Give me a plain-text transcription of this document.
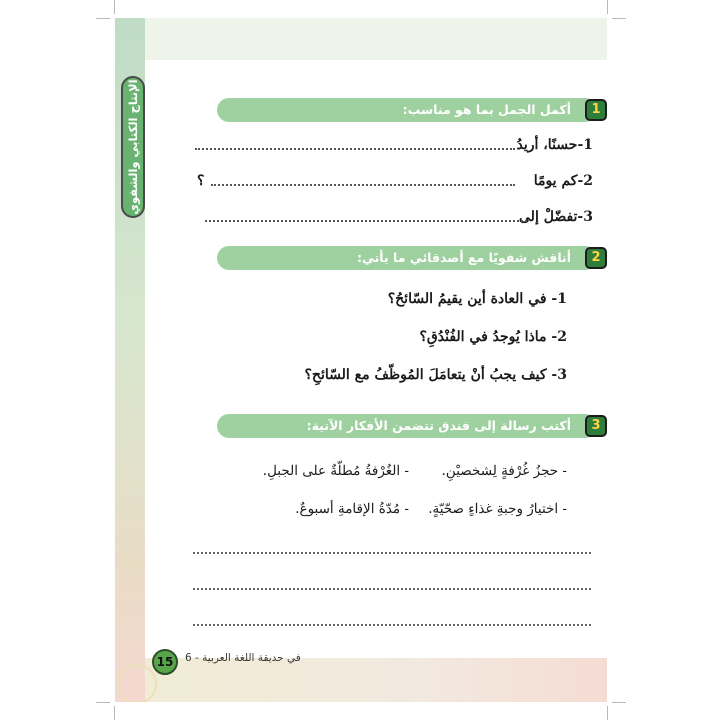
أكمل الجمل بما هو مناسب:	1
1-حسنًا، أريدُ
2-كم يومًا
؟
3-تفضّلْ إلى
أناقش شفويًا مع أصدقائي ما يأتي:	2
1- في العادة أين يقيمُ السّائحُ؟
2- ماذا يُوجدُ في الفُنْدُقِ؟
3- كيف يجبُ أنْ يتعامَلَ المُوظّفُ مع السّائحِ؟
أكتب رسالة إلى فندق تتضمن الأفكار الآتية:	3
- حجزُ غُرْفةٍ لِشخصيْنِ.
- الغُرْفةُ مُطلّةٌ على الجبلِ.
- اختيارُ وجبةِ غذاءٍ صحّيّةٍ.
- مُدّةُ الإقامةِ أسبوعٌ.
الإنتاج الكتابي والشفوي
15	في حديقة اللغة العربية - 6
